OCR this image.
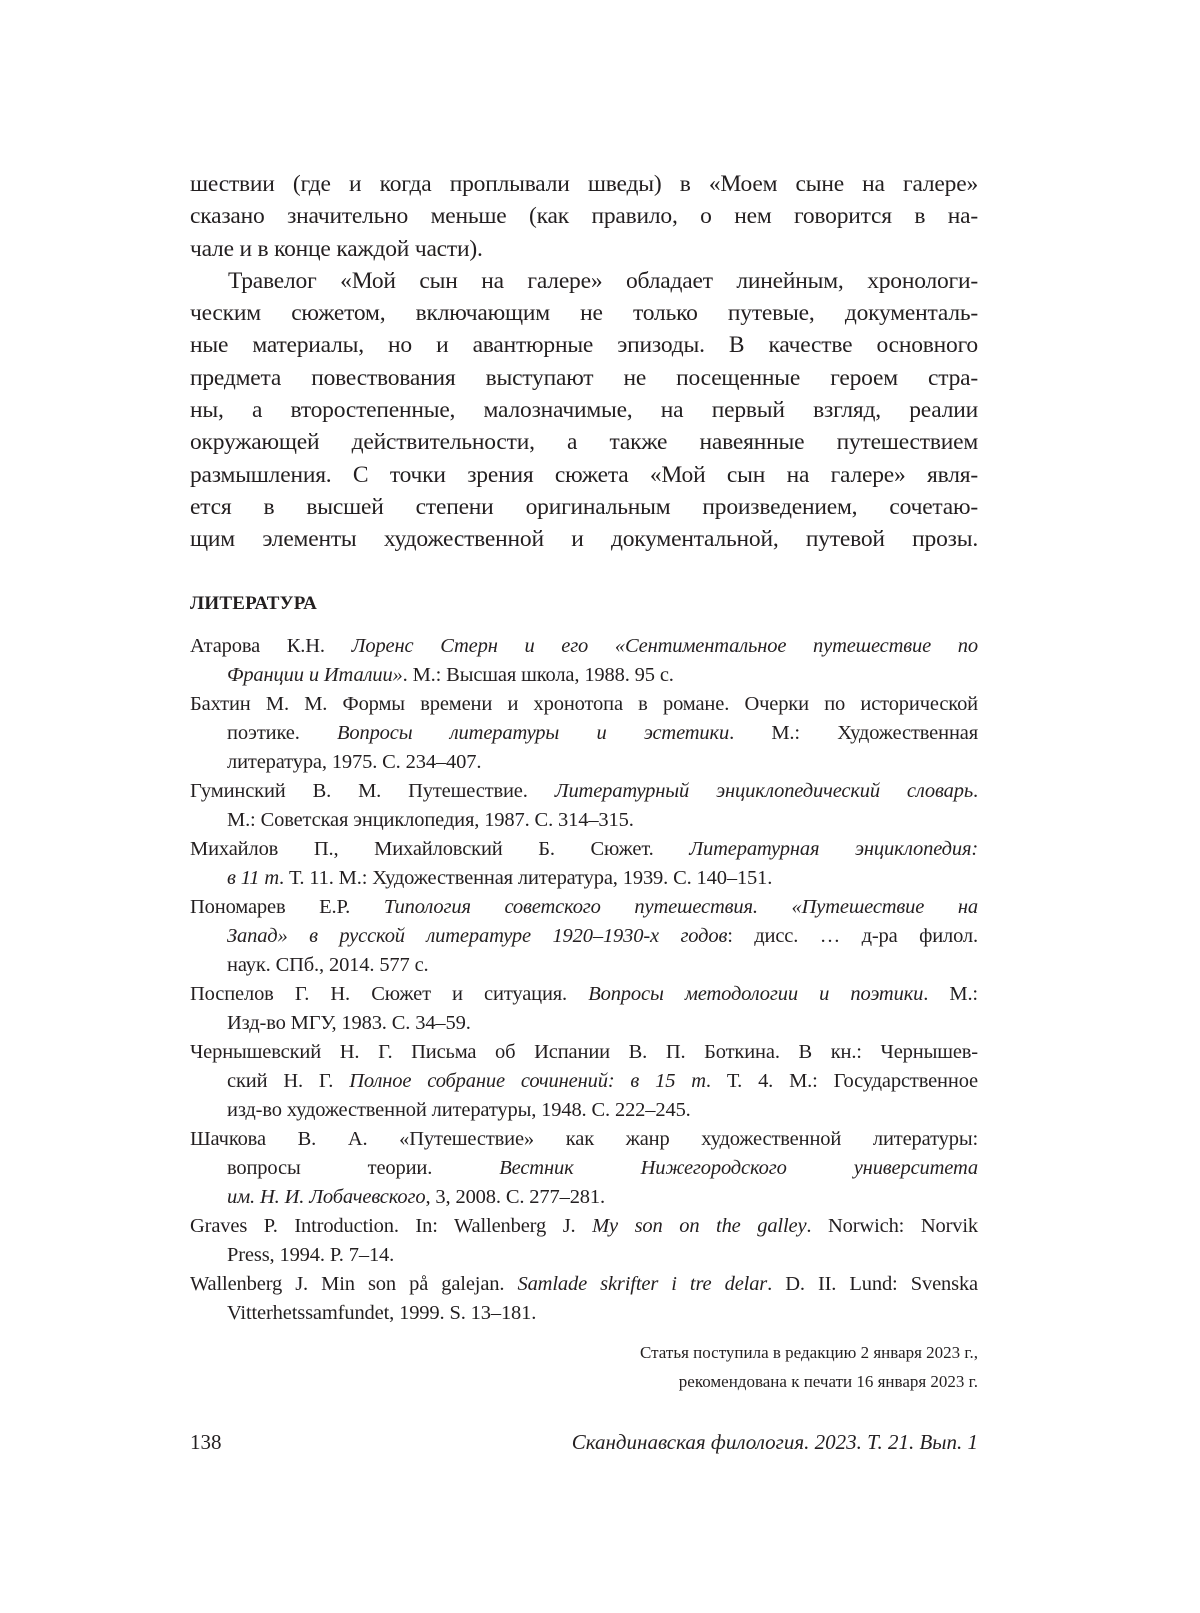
шествии (где и когда проплывали шведы) в «Моем сыне на галере»
сказано значительно меньше (как правило, о нем говорится в на-
чале и в конце каждой части).
Травелог «Мой сын на галере» обладает линейным, хронологи-
ческим сюжетом, включающим не только путевые, документаль-
ные материалы, но и авантюрные эпизоды. В качестве основного
предмета повествования выступают не посещенные героем стра-
ны, а второстепенные, малозначимые, на первый взгляд, реалии
окружающей действительности, а также навеянные путешествием
размышления. С точки зрения сюжета «Мой сын на галере» явля-
ется в высшей степени оригинальным произведением, сочетаю-
щим элементы художественной и документальной, путевой прозы.
ЛИТЕРАТУРА
Атарова К.Н. Лоренс Стерн и его «Сентиментальное путешествие по
Франции и Италии». М.: Высшая школа, 1988. 95 с.
Бахтин М. М. Формы времени и хронотопа в романе. Очерки по исторической
поэтике. Вопросы литературы и эстетики. М.: Художественная
литература, 1975. С. 234–407.
Гуминский В. М. Путешествие. Литературный энциклопедический словарь.
М.: Советская энциклопедия, 1987. С. 314–315.
Михайлов П., Михайловский Б. Сюжет. Литературная энциклопедия:
в 11 т. Т. 11. М.: Художественная литература, 1939. С. 140–151.
Пономарев Е.Р. Типология советского путешествия. «Путешествие на
Запад» в русской литературе 1920–1930-х годов: дисс. … д-ра филол.
наук. СПб., 2014. 577 с.
Поспелов Г. Н. Сюжет и ситуация. Вопросы методологии и поэтики. М.:
Изд-во МГУ, 1983. С. 34–59.
Чернышевский Н. Г. Письма об Испании В. П. Боткина. В кн.: Чернышев-
ский Н. Г. Полное собрание сочинений: в 15 т. Т. 4. М.: Государственное
изд-во художественной литературы, 1948. С. 222–245.
Шачкова В. А. «Путешествие» как жанр художественной литературы:
вопросы теории. Вестник Нижегородского университета
им. Н. И. Лобачевского, 3, 2008. С. 277–281.
Graves P. Introduction. In: Wallenberg J. My son on the galley. Norwich: Norvik
Press, 1994. P. 7–14.
Wallenberg J. Min son på galejan. Samlade skrifter i tre delar. D. II. Lund: Svenska
Vitterhetssamfundet, 1999. S. 13–181.
Статья поступила в редакцию 2 января 2023 г.,
рекомендована к печати 16 января 2023 г.
138	Скандинавская филология. 2023. Т. 21. Вып. 1
